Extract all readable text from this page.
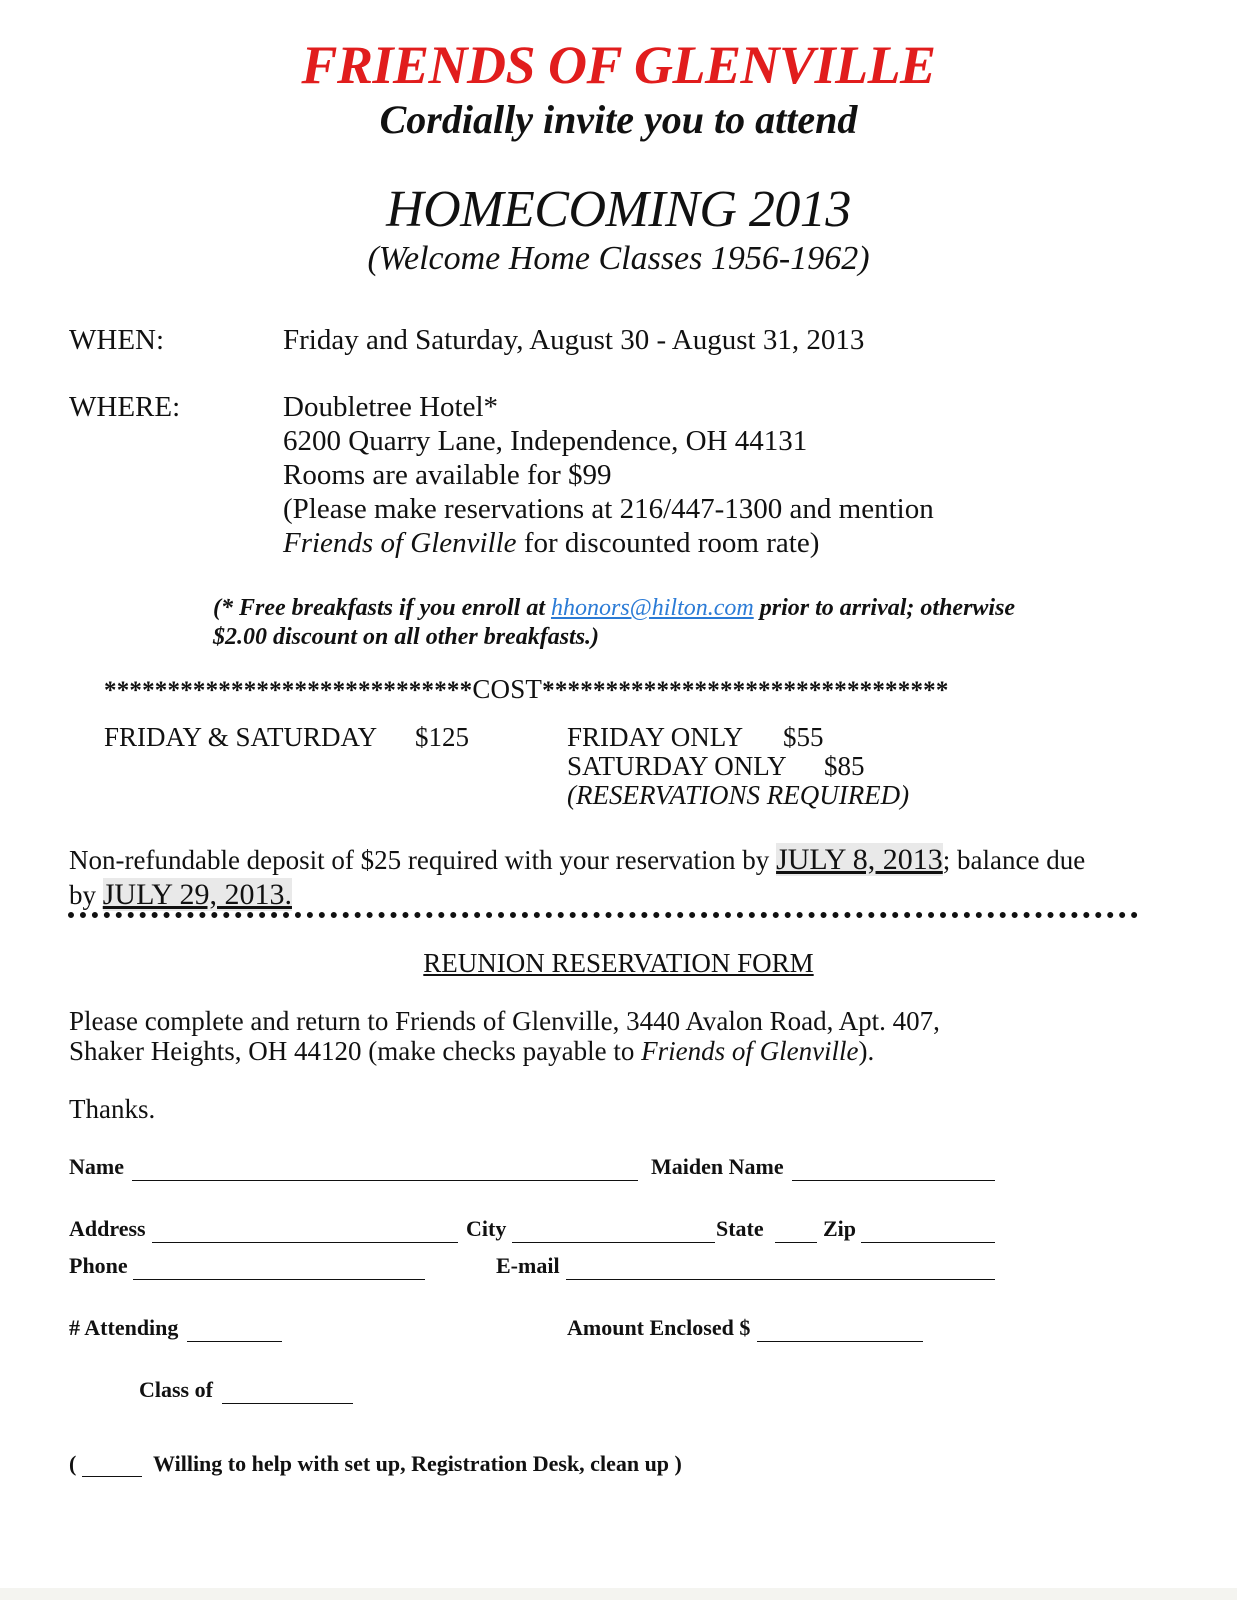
FRIENDS OF GLENVILLE
Cordially invite you to attend
HOMECOMING 2013
(Welcome Home Classes 1956-1962)
WHEN:	Friday and Saturday, August 30 - August 31, 2013
WHERE:	Doubletree Hotel*
6200 Quarry Lane, Independence, OH 44131
Rooms are available for $99
(Please make reservations at 216/447-1300 and mention
Friends of Glenville for discounted room rate)
(* Free breakfasts if you enroll at hhonors@hilton.com prior to arrival; otherwise
$2.00 discount on all other breakfasts.)
*****************************COST********************************
FRIDAY & SATURDAY $125	FRIDAY ONLY $55
SATURDAY ONLY $85
(RESERVATIONS REQUIRED)
Non-refundable deposit of $25 required with your reservation by JULY 8, 2013; balance due
by JULY 29, 2013.
REUNION RESERVATION FORM
Please complete and return to Friends of Glenville, 3440 Avalon Road, Apt. 407,
Shaker Heights, OH 44120 (make checks payable to Friends of Glenville).
Thanks.
Name	Maiden Name
Address	City	State	Zip
Phone	E-mail
# Attending	Amount Enclosed $
Class of
(	Willing to help with set up, Registration Desk, clean up )
